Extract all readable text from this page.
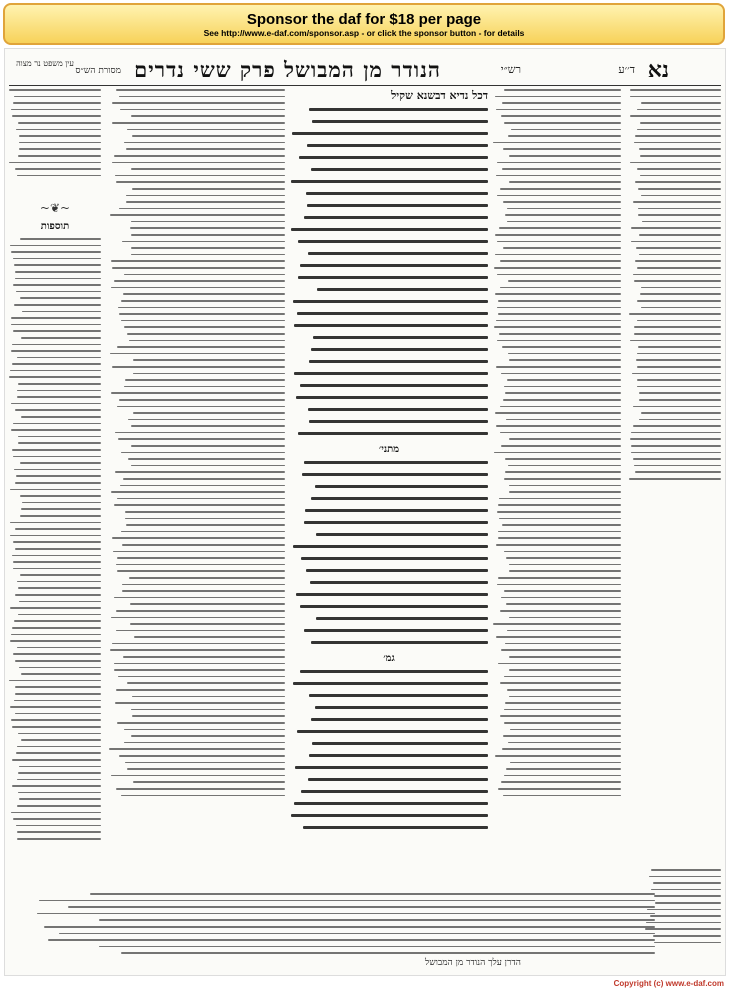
Sponsor the daf for $18 per page
See http://www.e-daf.com/sponsor.asp - or click the sponsor button - for details
נא
ד׳׳ע
הנודר מן המבושל פרק ששי נדרים	רש״י
עין משפט נר מצוה
מסורת הש״ס
דכל נדיא דבשנא שקיל
מתני׳
גמ׳
~❦~
תוספות
הדרן עלך הנודר מן המבושל
Copyright (c) www.e-daf.com
